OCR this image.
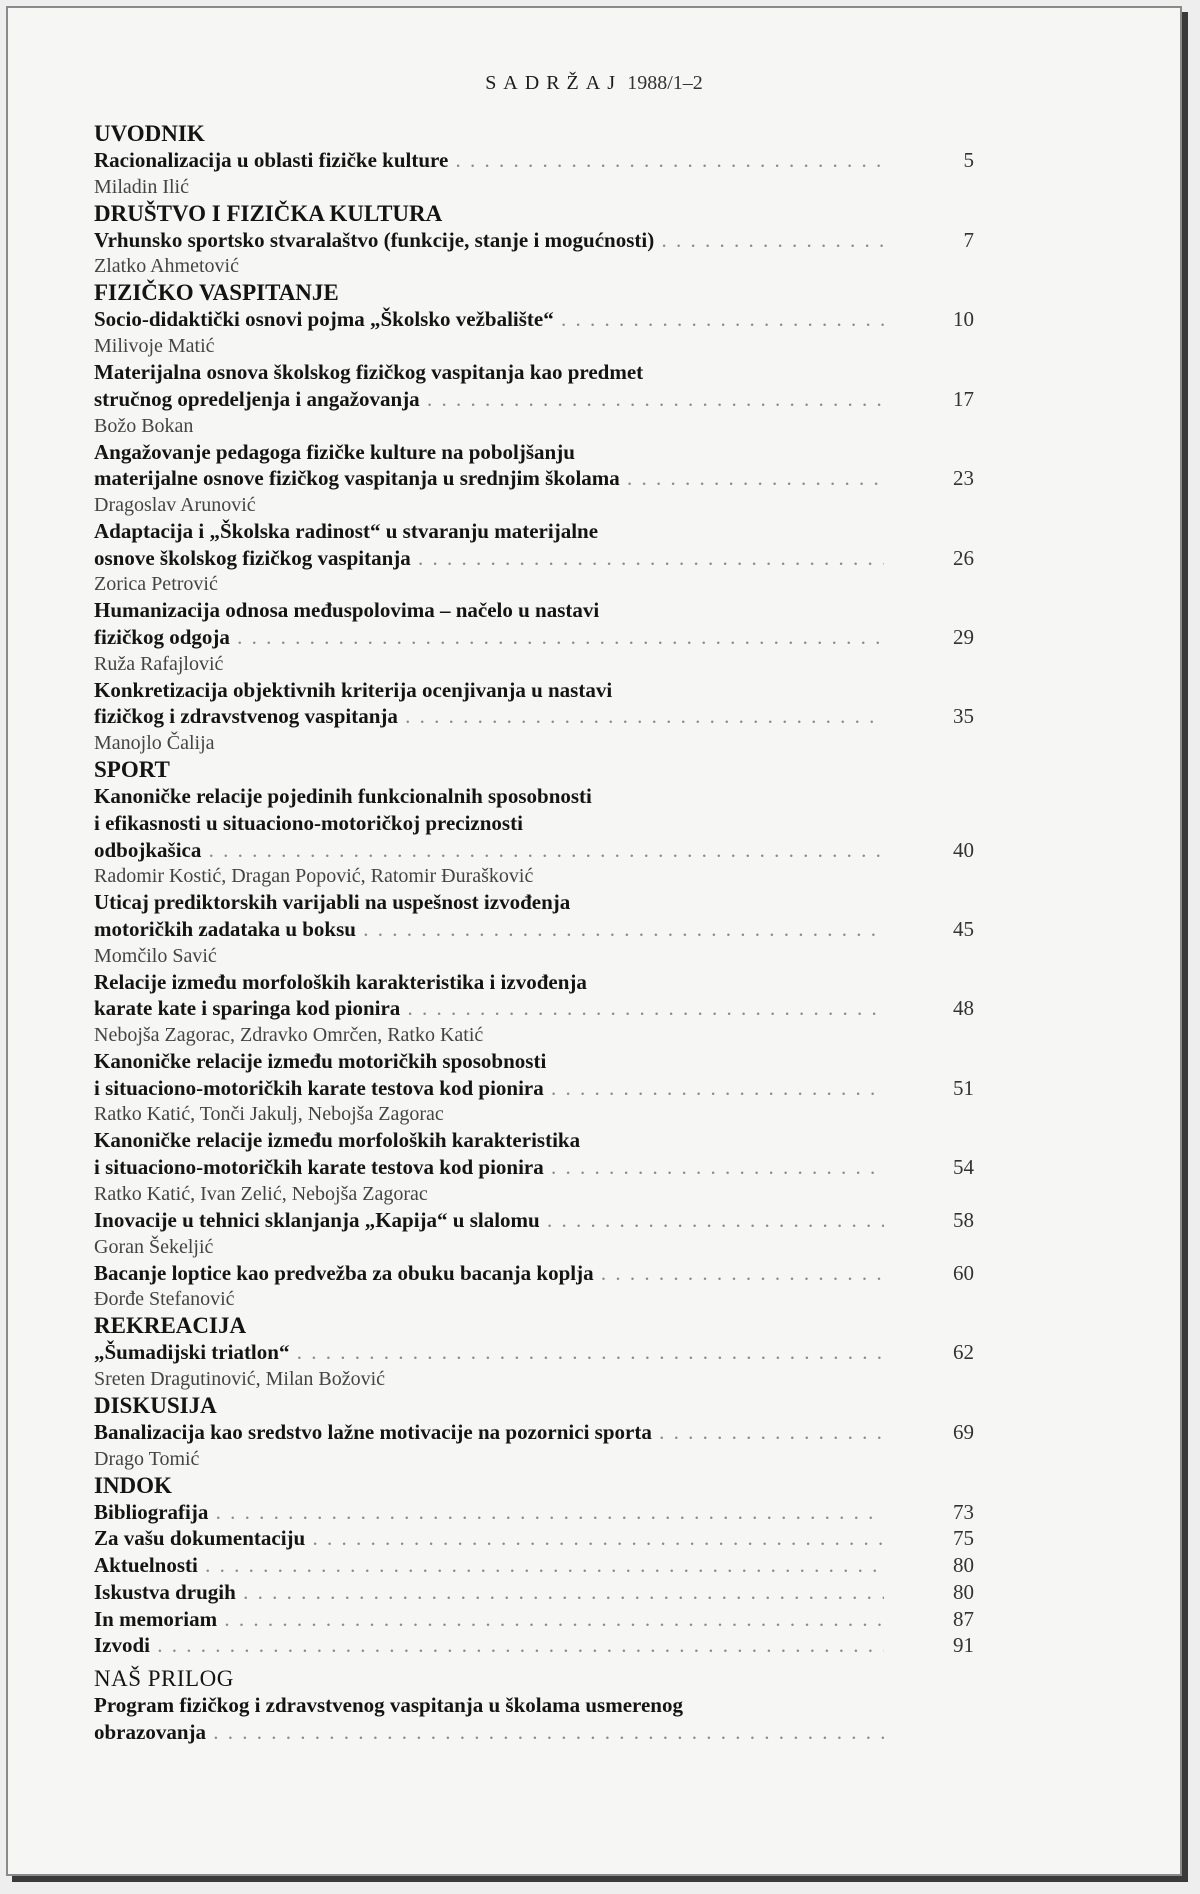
SADRŽAJ 1988/1–2
UVODNIK
Racionalizacija u oblasti fizičke kulture . . .	5
Miladin Ilić
DRUŠTVO I FIZIČKA KULTURA
Vrhunsko sportsko stvaralaštvo (funkcije, stanje i mogućnosti) . . .	7
Zlatko Ahmetović
FIZIČKO VASPITANJE
Socio-didaktički osnovi pojma „Školsko vežbalište“ . . .	10
Milivoje Matić
Materijalna osnova školskog fizičkog vaspitanja kao predmet
stručnog opredeljenja i angažovanja . . .	17
Božo Bokan
Angažovanje pedagoga fizičke kulture na poboljšanju
materijalne osnove fizičkog vaspitanja u srednjim školama . . .	23
Dragoslav Arunović
Adaptacija i „Školska radinost“ u stvaranju materijalne
osnove školskog fizičkog vaspitanja . . .	26
Zorica Petrović
Humanizacija odnosa međuspolovima – načelo u nastavi
fizičkog odgoja . . .	29
Ruža Rafajlović
Konkretizacija objektivnih kriterija ocenjivanja u nastavi
fizičkog i zdravstvenog vaspitanja . . .	35
Manojlo Čalija
SPORT
Kanoničke relacije pojedinih funkcionalnih sposobnosti
i efikasnosti u situaciono-motoričkoj preciznosti
odbojkašica . . .	40
Radomir Kostić, Dragan Popović, Ratomir Đurašković
Uticaj prediktorskih varijabli na uspešnost izvođenja
motoričkih zadataka u boksu . . .	45
Momčilo Savić
Relacije između morfoloških karakteristika i izvođenja
karate kate i sparinga kod pionira . . .	48
Nebojša Zagorac, Zdravko Omrčen, Ratko Katić
Kanoničke relacije između motoričkih sposobnosti
i situaciono-motoričkih karate testova kod pionira . . .	51
Ratko Katić, Tonči Jakulj, Nebojša Zagorac
Kanoničke relacije između morfoloških karakteristika
i situaciono-motoričkih karate testova kod pionira . . .	54
Ratko Katić, Ivan Zelić, Nebojša Zagorac
Inovacije u tehnici sklanjanja „Kapija“ u slalomu . . .	58
Goran Šekeljić
Bacanje loptice kao predvežba za obuku bacanja koplja . . .	60
Đorđe Stefanović
REKREACIJA
„Šumadijski triatlon“ . . .	62
Sreten Dragutinović, Milan Božović
DISKUSIJA
Banalizacija kao sredstvo lažne motivacije na pozornici sporta . . .	69
Drago Tomić
INDOK
Bibliografija . . .	73
Za vašu dokumentaciju . . .	75
Aktuelnosti . . .	80
Iskustva drugih . . .	80
In memoriam . . .	87
Izvodi . . .	91
NAŠ PRILOG
Program fizičkog i zdravstvenog vaspitanja u školama usmerenog
obrazovanja . . .
